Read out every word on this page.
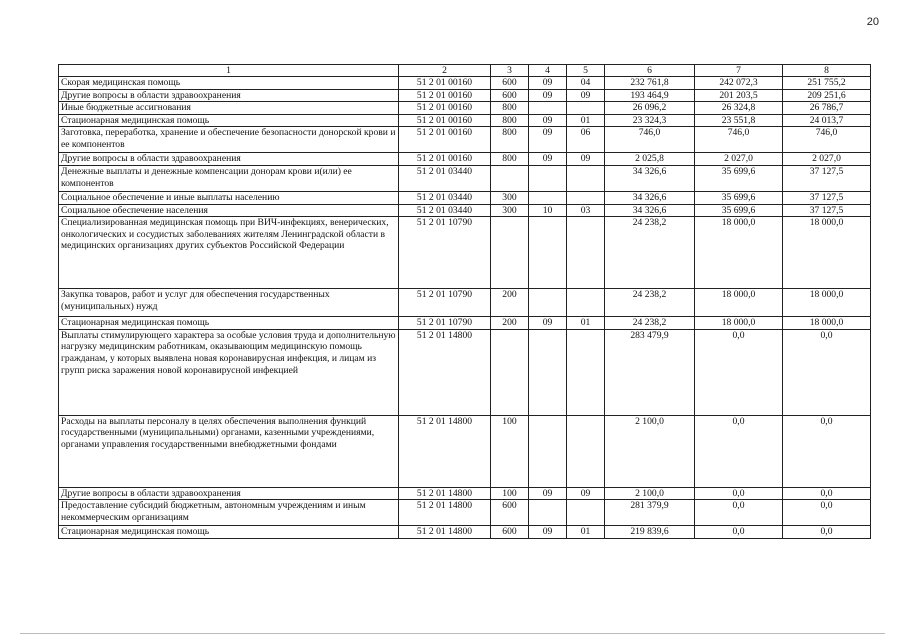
20
1	2	3	4	5	6	7	8
Скорая медицинская помощь	51 2 01 00160	600	09	04	232 761,8	242 072,3	251 755,2
Другие вопросы в области здравоохранения	51 2 01 00160	600	09	09	193 464,9	201 203,5	209 251,6
Иные бюджетные ассигнования	51 2 01 00160	800			26 096,2	26 324,8	26 786,7
Стационарная медицинская помощь	51 2 01 00160	800	09	01	23 324,3	23 551,8	24 013,7
Заготовка, переработка, хранение и обеспечение безопасности донорской крови и ее компонентов	51 2 01 00160	800	09	06	746,0	746,0	746,0
Другие вопросы в области здравоохранения	51 2 01 00160	800	09	09	2 025,8	2 027,0	2 027,0
Денежные выплаты и денежные компенсации донорам крови и(или) ее компонентов	51 2 01 03440				34 326,6	35 699,6	37 127,5
Социальное обеспечение и иные выплаты населению	51 2 01 03440	300			34 326,6	35 699,6	37 127,5
Социальное обеспечение населения	51 2 01 03440	300	10	03	34 326,6	35 699,6	37 127,5
Специализированная медицинская помощь при ВИЧ-инфекциях, венерических, онкологических и сосудистых заболеваниях жителям Ленинградской области в медицинских организациях других субъектов Российской Федерации	51 2 01 10790				24 238,2	18 000,0	18 000,0
Закупка товаров, работ и услуг для обеспечения государственных (муниципальных) нужд	51 2 01 10790	200			24 238,2	18 000,0	18 000,0
Стационарная медицинская помощь	51 2 01 10790	200	09	01	24 238,2	18 000,0	18 000,0
Выплаты стимулирующего характера за особые условия труда и дополнительную нагрузку медицинским работникам, оказывающим медицинскую помощь гражданам, у которых выявлена новая коронавирусная инфекция, и лицам из групп риска заражения новой коронавирусной инфекцией	51 2 01 14800				283 479,9	0,0	0,0
Расходы на выплаты персоналу в целях обеспечения выполнения функций государственными (муниципальными) органами, казенными учреждениями, органами управления государственными внебюджетными фондами	51 2 01 14800	100			2 100,0	0,0	0,0
Другие вопросы в области здравоохранения	51 2 01 14800	100	09	09	2 100,0	0,0	0,0
Предоставление субсидий бюджетным, автономным учреждениям и иным некоммерческим организациям	51 2 01 14800	600			281 379,9	0,0	0,0
Стационарная медицинская помощь	51 2 01 14800	600	09	01	219 839,6	0,0	0,0
